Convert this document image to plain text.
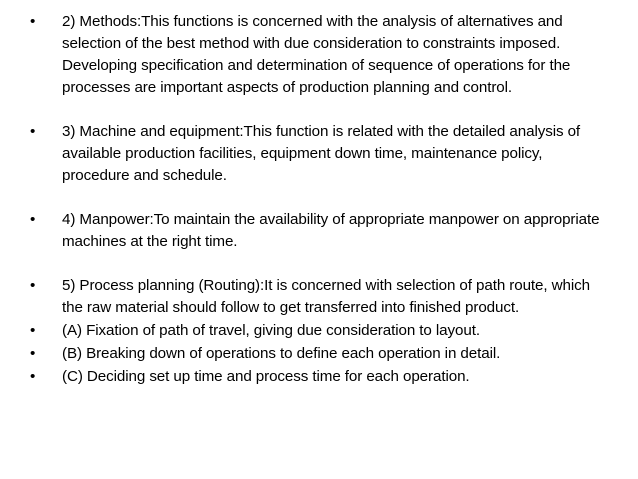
•	2) Methods:This functions is concerned with the analysis of alternatives and selection of the best method with due consideration to constraints imposed. Developing specification and determination of sequence of operations for the processes are important aspects of production planning and control.
•	3) Machine and equipment:This function is related with the detailed analysis of available production facilities, equipment down time, maintenance policy, procedure and schedule.
•	4) Manpower:To maintain the availability of appropriate manpower on appropriate machines at the right time.
•	5) Process planning (Routing):It is concerned with selection of path route, which the raw material should follow to get transferred into finished product.
•	(A) Fixation of path of travel, giving due consideration to layout.
•	(B) Breaking down of operations to define each operation in detail.
•	(C) Deciding set up time and process time for each operation.
